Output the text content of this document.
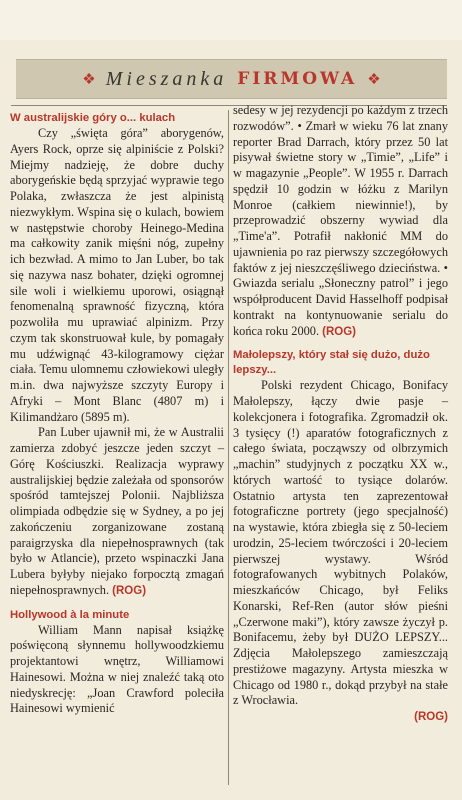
❖ Mieszanka FIRMOWA ❖

W australijskie góry o... kulach

Czy „święta góra” aborygenów, Ayers Rock, oprze się alpiniście z Polski? Miejmy nadzieję, że dobre duchy aborygeńskie będą sprzyjać wyprawie tego Polaka, zwłaszcza że jest alpinistą niezwykłym. Wspina się o kulach, bowiem w następstwie choroby Heinego-Medina ma całkowity zanik mięśni nóg, zupełny ich bezwład. A mimo to Jan Luber, bo tak się nazywa nasz bohater, dzięki ogromnej sile woli i wielkiemu uporowi, osiągnął fenomenalną sprawność fizyczną, która pozwoliła mu uprawiać alpinizm. Przy czym tak skonstruował kule, by pomagały mu udźwignąć 43-kilogramowy ciężar ciała. Temu ulomnemu człowiekowi uległy m.in. dwa najwyższe szczyty Europy i Afryki – Mont Blanc (4807 m) i Kilimandżaro (5895 m).

Pan Luber ujawnił mi, że w Australii zamierza zdobyć jeszcze jeden szczyt – Górę Kościuszki. Realizacja wyprawy australijskiej będzie zależała od sponsorów spośród tamtejszej Polonii. Najbliższa olimpiada odbędzie się w Sydney, a po jej zakończeniu zorganizowane zostaną paraigrzyska dla niepełnosprawnych (tak było w Atlancie), przeto wspinaczki Jana Lubera byłyby niejako forpocztą zmagań niepełnosprawnych. (ROG)

Hollywood à la minute

William Mann napisał książkę poświęconą słynnemu hollywoodzkiemu projektantowi wnętrz, Williamowi Hainesowi. Można w niej znaleźć taką oto niedyskrecję: „Joan Crawford poleciła Hainesowi wymienić

sedesy w jej rezydencji po każdym z trzech rozwodów”. • Zmarł w wieku 76 lat znany reporter Brad Darrach, który przez 50 lat pisywał świetne story w „Timie”, „Life” i w magazynie „People”. W 1955 r. Darrach spędził 10 godzin w łóżku z Marilyn Monroe (całkiem niewinnie!), by przeprowadzić obszerny wywiad dla „Time'a”. Potrafił nakłonić MM do ujawnienia po raz pierwszy szczegółowych faktów z jej nieszczęśliwego dzieciństwa. • Gwiazda serialu „Słoneczny patrol” i jego współproducent David Hasselhoff podpisał kontrakt na kontynuowanie serialu do końca roku 2000. (ROG)

Małolepszy, który stał się dużo, dużo lepszy...

Polski rezydent Chicago, Bonifacy Małolepszy, łączy dwie pasje – kolekcjonera i fotografika. Zgromadził ok. 3 tysięcy (!) aparatów fotograficznych z całego świata, począwszy od olbrzymich „machin” studyjnych z początku XX w., których wartość to tysiące dolarów. Ostatnio artysta ten zaprezentował fotograficzne portrety (jego specjalność) na wystawie, która zbiegła się z 50-leciem urodzin, 25-leciem twórczości i 20-leciem pierwszej wystawy. Wśród fotografowanych wybitnych Polaków, mieszkańców Chicago, był Feliks Konarski, Ref-Ren (autor słów pieśni „Czerwone maki”), który zawsze życzył p. Bonifacemu, żeby był DUŻO LEPSZY... Zdjęcia Małolepszego zamieszczają prestiżowe magazyny. Artysta mieszka w Chicago od 1980 r., dokąd przybył na stałe z Wrocławia.

(ROG)
